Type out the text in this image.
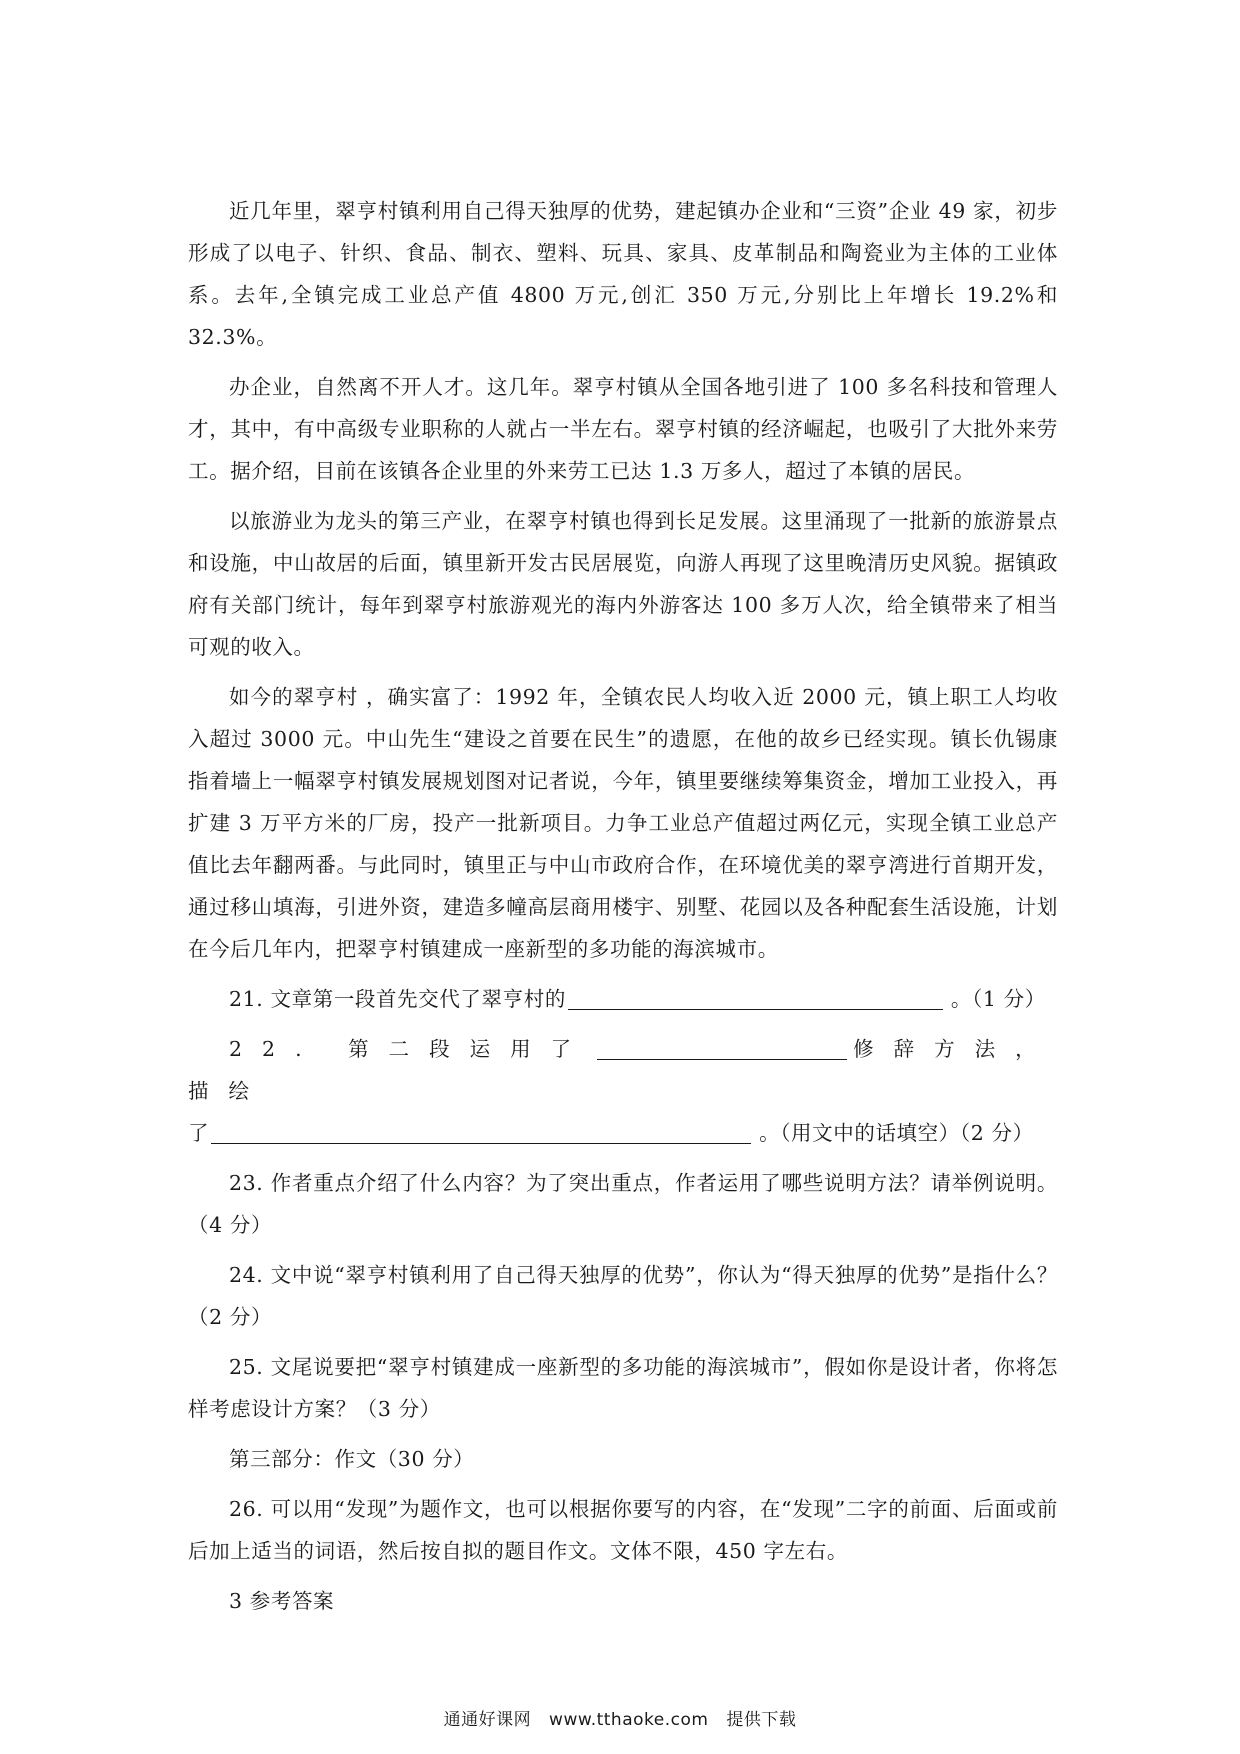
近几年里，翠亨村镇利用自己得天独厚的优势，建起镇办企业和“三资”企业 49 家，初步形成了以电子、针织、食品、制衣、塑料、玩具、家具、皮革制品和陶瓷业为主体的工业体系。去年,全镇完成工业总产值 4800 万元,创汇 350 万元,分别比上年增长 19.2%和 32.3%。

办企业，自然离不开人才。这几年。翠亨村镇从全国各地引进了 100 多名科技和管理人才，其中，有中高级专业职称的人就占一半左右。翠亨村镇的经济崛起，也吸引了大批外来劳工。据介绍，目前在该镇各企业里的外来劳工已达 1.3 万多人，超过了本镇的居民。

以旅游业为龙头的第三产业，在翠亨村镇也得到长足发展。这里涌现了一批新的旅游景点和设施，中山故居的后面，镇里新开发古民居展览，向游人再现了这里晚清历史风貌。据镇政府有关部门统计，每年到翠亨村旅游观光的海内外游客达 100 多万人次，给全镇带来了相当可观的收入。

如今的翠亨村 ，确实富了：1992 年，全镇农民人均收入近 2000 元，镇上职工人均收入超过 3000 元。中山先生“建设之首要在民生”的遗愿，在他的故乡已经实现。镇长仇锡康指着墙上一幅翠亨村镇发展规划图对记者说，今年，镇里要继续筹集资金，增加工业投入，再扩建 3 万平方米的厂房，投产一批新项目。力争工业总产值超过两亿元，实现全镇工业总产值比去年翻两番。与此同时，镇里正与中山市政府合作，在环境优美的翠亨湾进行首期开发，通过移山填海，引进外资，建造多幢高层商用楼宇、别墅、花园以及各种配套生活设施，计划在今后几年内，把翠亨村镇建成一座新型的多功能的海滨城市。

21. 文章第一段首先交代了翠亨村的	。（1 分）

22. 第二段运用了	修辞方法，描绘

了	。（用文中的话填空）（2 分）

23. 作者重点介绍了什么内容？为了突出重点，作者运用了哪些说明方法？请举例说明。（4 分）

24. 文中说“翠亨村镇利用了自己得天独厚的优势”，你认为“得天独厚的优势”是指什么？（2 分）

25. 文尾说要把“翠亨村镇建成一座新型的多功能的海滨城市”，假如你是设计者，你将怎样考虑设计方案？（3 分）

第三部分：作文（30 分）

26. 可以用“发现”为题作文，也可以根据你要写的内容，在“发现”二字的前面、后面或前后加上适当的词语，然后按自拟的题目作文。文体不限，450 字左右。

3 参考答案

通通好课网 www.tthaoke.com 提供下载
